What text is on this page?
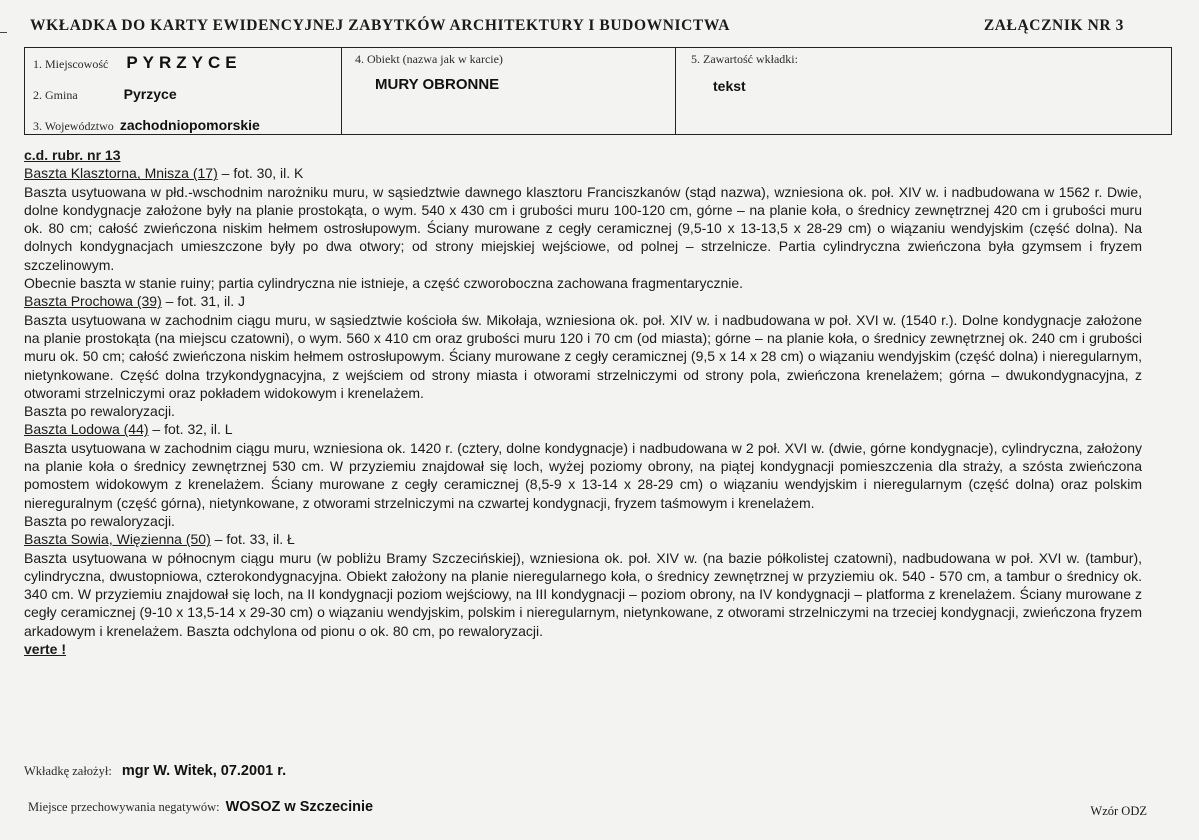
WKŁADKA DO KARTY EWIDENCYJNEJ ZABYTKÓW ARCHITEKTURY I BUDOWNICTWA	ZAŁĄCZNIK NR 3
1. Miejscowość PYRZYCE
2. Gmina	Pyrzyce
3. Województwo zachodniopomorskie
4. Obiekt (nazwa jak w karcie)
MURY OBRONNE
5. Zawartość wkładki:
tekst

c.d. rubr. nr 13

Baszta Klasztorna, Mnisza (17) – fot. 30, il. K

Baszta usytuowana w płd.-wschodnim narożniku muru, w sąsiedztwie dawnego klasztoru Franciszkanów (stąd nazwa), wzniesiona ok. poł. XIV w. i nadbudowana w 1562 r. Dwie, dolne kondygnacje założone były na planie prostokąta, o wym. 540 x 430 cm i grubości muru 100-120 cm, górne – na planie koła, o średnicy zewnętrznej 420 cm i grubości muru ok. 80 cm; całość zwieńczona niskim hełmem ostrosłupowym. Ściany murowane z cegły ceramicznej (9,5-10 x 13-13,5 x 28-29 cm) o wiązaniu wendyjskim (część dolna). Na dolnych kondygnacjach umieszczone były po dwa otwory; od strony miejskiej wejściowe, od polnej – strzelnicze. Partia cylindryczna zwieńczona była gzymsem i fryzem szczelinowym.

Obecnie baszta w stanie ruiny; partia cylindryczna nie istnieje, a część czworoboczna zachowana fragmentarycznie.

Baszta Prochowa (39) – fot. 31, il. J

Baszta usytuowana w zachodnim ciągu muru, w sąsiedztwie kościoła św. Mikołaja, wzniesiona ok. poł. XIV w. i nadbudowana w poł. XVI w. (1540 r.). Dolne kondygnacje założone na planie prostokąta (na miejscu czatowni), o wym. 560 x 410 cm oraz grubości muru 120 i 70 cm (od miasta); górne – na planie koła, o średnicy zewnętrznej ok. 240 cm i grubości muru ok. 50 cm; całość zwieńczona niskim hełmem ostrosłupowym. Ściany murowane z cegły ceramicznej (9,5 x 14 x 28 cm) o wiązaniu wendyjskim (część dolna) i nieregularnym, nietynkowane. Część dolna trzykondygnacyjna, z wejściem od strony miasta i otworami strzelniczymi od strony pola, zwieńczona krenelażem; górna – dwukondygnacyjna, z otworami strzelniczymi oraz pokładem widokowym i krenelażem.

Baszta po rewaloryzacji.

Baszta Lodowa (44) – fot. 32, il. L

Baszta usytuowana w zachodnim ciągu muru, wzniesiona ok. 1420 r. (cztery, dolne kondygnacje) i nadbudowana w 2 poł. XVI w. (dwie, górne kondygnacje), cylindryczna, założony na planie koła o średnicy zewnętrznej 530 cm. W przyziemiu znajdował się loch, wyżej poziomy obrony, na piątej kondygnacji pomieszczenia dla straży, a szósta zwieńczona pomostem widokowym z krenelażem. Ściany murowane z cegły ceramicznej (8,5-9 x 13-14 x 28-29 cm) o wiązaniu wendyjskim i nieregularnym (część dolna) oraz polskim niereguralnym (część górna), nietynkowane, z otworami strzelniczymi na czwartej kondygnacji, fryzem taśmowym i krenelażem.

Baszta po rewaloryzacji.

Baszta Sowia, Więzienna (50) – fot. 33, il. Ł

Baszta usytuowana w północnym ciągu muru (w pobliżu Bramy Szczecińskiej), wzniesiona ok. poł. XIV w. (na bazie półkolistej czatowni), nadbudowana w poł. XVI w. (tambur), cylindryczna, dwustopniowa, czterokondygnacyjna. Obiekt założony na planie nieregularnego koła, o średnicy zewnętrznej w przyziemiu ok. 540 - 570 cm, a tambur o średnicy ok. 340 cm. W przyziemiu znajdował się loch, na II kondygnacji poziom wejściowy, na III kondygnacji – poziom obrony, na IV kondygnacji – platforma z krenelażem. Ściany murowane z cegły ceramicznej (9-10 x 13,5-14 x 29-30 cm) o wiązaniu wendyjskim, polskim i nieregularnym, nietynkowane, z otworami strzelniczymi na trzeciej kondygnacji, zwieńczona fryzem arkadowym i krenelażem. Baszta odchylona od pionu o ok. 80 cm, po rewaloryzacji.

verte !

Wkładkę założył: mgr W. Witek, 07.2001 r.
Miejsce przechowywania negatywów: WOSOZ w Szczecinie	Wzór ODZ
